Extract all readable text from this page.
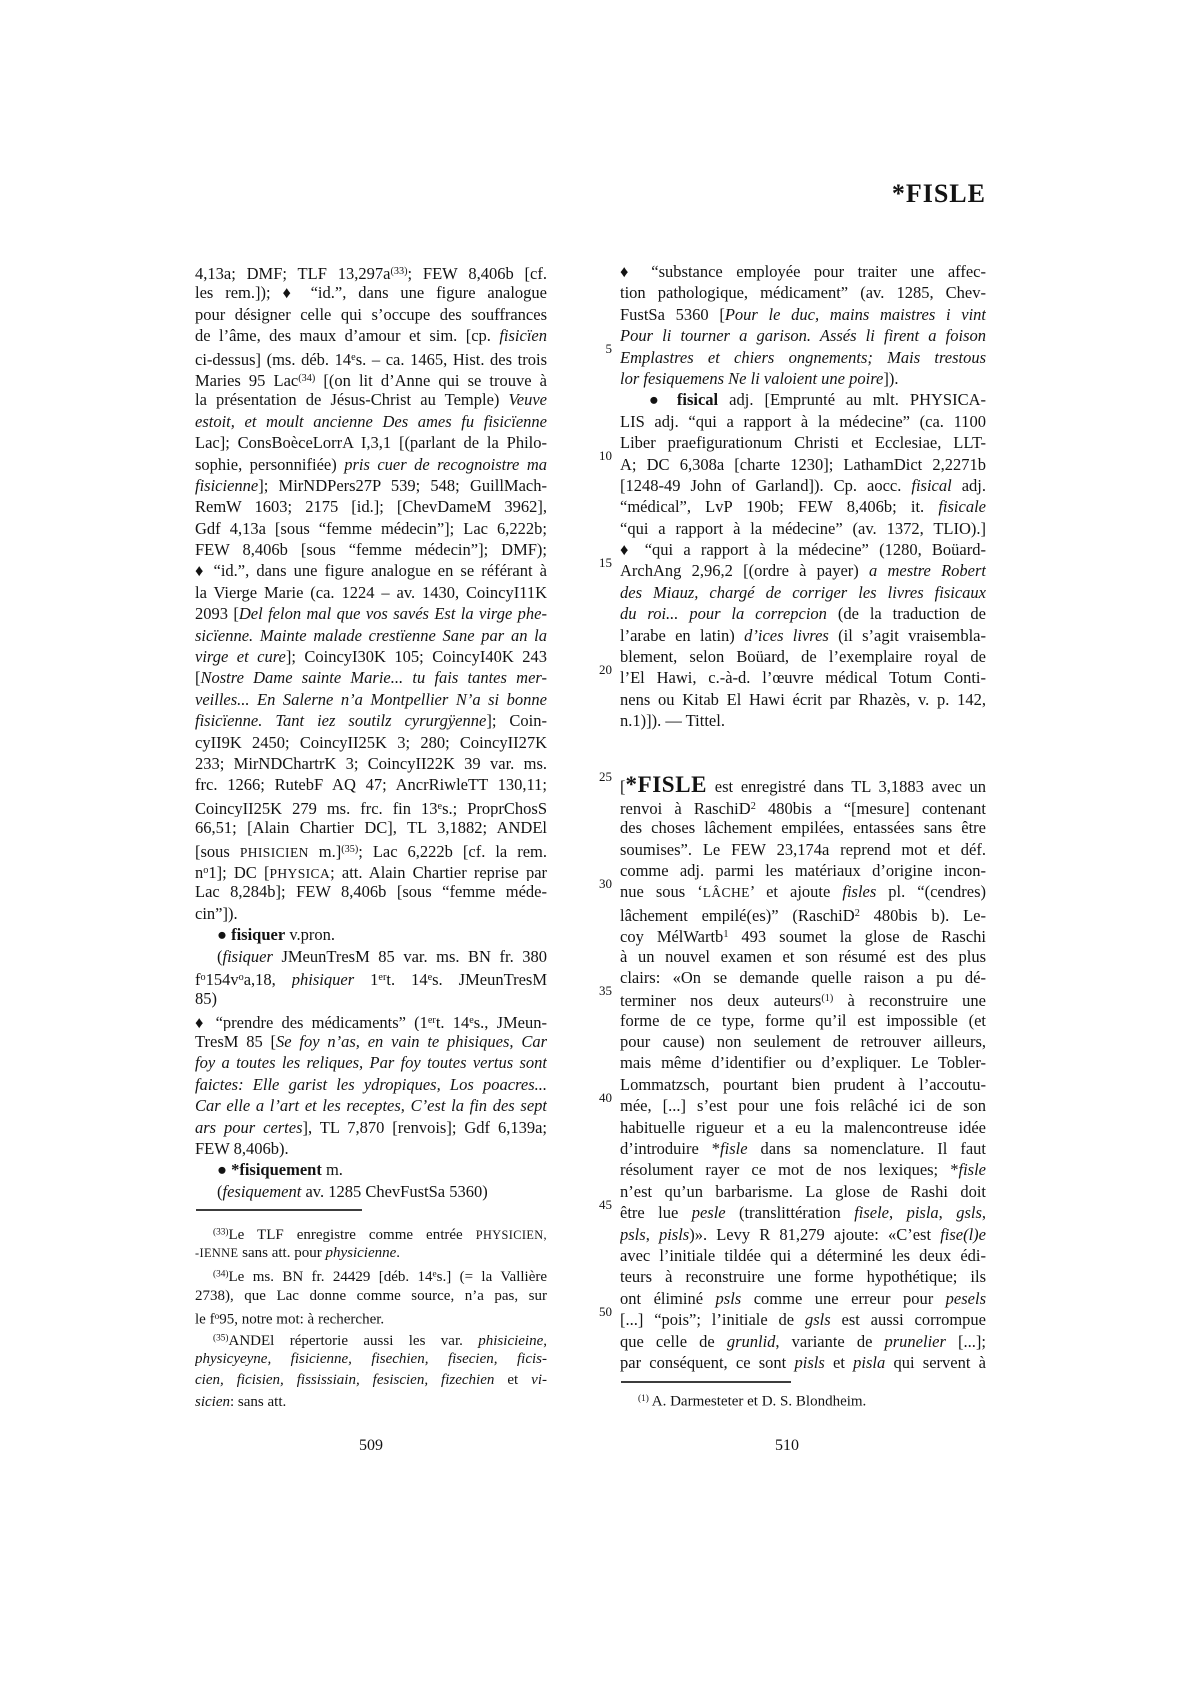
*FISLE
4,13a; DMF; TLF $13,297a^{(33)}$; FEW 8,406b [cf.
les rem.]); ♦ “id.”, dans une figure analogue
pour désigner celle qui s’occupe des souffrances
de l’âme, des maux d’amour et sim. [cp. fisicïen
ci-dessus] (ms. déb. 14es. – ca. 1465, Hist. des trois
Maries 95 Lac$^{(34)}$ [(on lit d’Anne qui se trouve à
la présentation de Jésus-Christ au Temple) Veuve
estoit, et moult ancienne Des ames fu fisicïenne
Lac]; ConsBoèceLorrA I,3,1 [(parlant de la Philo-
sophie, personnifiée) pris cuer de recognoistre ma
fisicienne]; MirNDPers27P 539; 548; GuillMach-
RemW 1603; 2175 [id.]; [ChevDameM 3962],
Gdf 4,13a [sous “femme médecin”]; Lac 6,222b;
FEW 8,406b [sous “femme médecin”]; DMF);
♦ “id.”, dans une figure analogue en se référant à
la Vierge Marie (ca. 1224 – av. 1430, CoincyI11K
2093 [Del felon mal que vos savés Est la virge phe-
sicïenne. Mainte malade crestïenne Sane par an la
virge et cure]; CoincyI30K 105; CoincyI40K 243
[Nostre Dame sainte Marie... tu fais tantes mer-
veilles... En Salerne n’a Montpellier N’a si bonne
fisicïenne. Tant iez soutilz cyrurgÿenne]; Coin-
cyII9K 2450; CoincyII25K 3; 280; CoincyII27K
233; MirNDChartrK 3; CoincyII22K 39 var. ms.
frc. 1266; RutebF AQ 47; AncrRiwleTT 130,11;
CoincyII25K 279 ms. frc. fin 13es.; ProprChosS
66,51; [Alain Chartier DC], TL 3,1882; ANDEl
[sous PHISICIEN m.]$^{(35)}$; Lac 6,222b [cf. la rem.
$n^o1$]; DC [PHYSICA; att. Alain Chartier reprise par
Lac 8,284b]; FEW 8,406b [sous “femme méde-
cin”]).
● fisiquer v.pron.
(fisiquer JMeunTresM 85 var. ms. BN fr. 380
$f^o154v^oa,18$, phisiquer 1ert. 14es. JMeunTresM
85)
♦ “prendre des médicaments” (1ert. 14es., JMeun-
TresM 85 [Se foy n’as, en vain te phisiques, Car
foy a toutes les reliques, Par foy toutes vertus sont
faictes: Elle garist les ydropiques, Los poacres...
Car elle a l’art et les receptes, C’est la fin des sept
ars pour certes], TL 7,870 [renvois]; Gdf 6,139a;
FEW 8,406b).
● *fisiquement m.
(fesiquement av. 1285 ChevFustSa 5360)
$^{(33)}$Le TLF enregistre comme entrée PHYSICIEN,
-IENNE sans att. pour physicienne.
$^{(34)}$Le ms. BN fr. 24429 [déb. 14es.] (= la Vallière
2738), que Lac donne comme source, n’a pas, sur
le $f^o95$, notre mot: à rechercher.
$^{(35)}$ANDEl répertorie aussi les var. phisicieine,
physicyeyne, fisicienne, fisechien, fisecien, ficis-
cien, ficisien, fississiain, fesiscien, fizechien et vi-
sicien: sans att.
♦ “substance employée pour traiter une affec-
tion pathologique, médicament” (av. 1285, Chev-
FustSa 5360 [Pour le duc, mains maistres i vint
Pour li tourner a garison. Assés li firent a foison
Emplastres et chiers ongnements; Mais trestous
lor fesiquemens Ne li valoient une poire]).
● fisical adj. [Emprunté au mlt. PHYSICA-
LIS adj. “qui a rapport à la médecine” (ca. 1100
Liber praefigurationum Christi et Ecclesiae, LLT-
A; DC 6,308a [charte 1230]; LathamDict 2,2271b
[1248-49 John of Garland]). Cp. aocc. fisical adj.
“médical”, LvP 190b; FEW 8,406b; it. fisicale
“qui a rapport à la médecine” (av. 1372, TLIO).]
♦ “qui a rapport à la médecine” (1280, Boüard-
ArchAng 2,96,2 [(ordre à payer) a mestre Robert
des Miauz, chargé de corriger les livres fisicaux
du roi... pour la correpcion (de la traduction de
l’arabe en latin) d’ices livres (il s’agit vraisembla-
blement, selon Boüard, de l’exemplaire royal de
l’El Hawi, c.-à-d. l’œuvre médical Totum Conti-
nens ou Kitab El Hawi écrit par Rhazès, v. p. 142,
n.1)]). — Tittel.
[*FISLE est enregistré dans TL 3,1883 avec un
renvoi à RaschiD$^2$ 480bis a “[mesure] contenant
des choses lâchement empilées, entassées sans être
soumises”. Le FEW 23,174a reprend mot et déf.
comme adj. parmi les matériaux d’origine incon-
nue sous ‘LÂCHE’ et ajoute fisles pl. “(cendres)
lâchement empilé(es)” (RaschiD$^2$ 480bis b). Le-
coy MélWartb$^1$ 493 soumet la glose de Raschi
à un nouvel examen et son résumé est des plus
clairs: «On se demande quelle raison a pu dé-
terminer nos deux auteurs$^{(1)}$ à reconstruire une
forme de ce type, forme qu’il est impossible (et
pour cause) non seulement de retrouver ailleurs,
mais même d’identifier ou d’expliquer. Le Tobler-
Lommatzsch, pourtant bien prudent à l’accoutu-
mée, [...] s’est pour une fois relâché ici de son
habituelle rigueur et a eu la malencontreuse idée
d’introduire *fisle dans sa nomenclature. Il faut
résolument rayer ce mot de nos lexiques; *fisle
n’est qu’un barbarisme. La glose de Rashi doit
être lue pesle (translittération fisele, pisla, gsls,
psls, pisls)». Levy R 81,279 ajoute: «C’est fise(l)e
avec l’initiale tildée qui a déterminé les deux édi-
teurs à reconstruire une forme hypothétique; ils
ont éliminé psls comme une erreur pour pesels
[...] “pois”; l’initiale de gsls est aussi corrompue
que celle de grunlid, variante de prunelier [...];
par conséquent, ce sont pisls et pisla qui servent à
$^{(1)}$ A. Darmesteter et D. S. Blondheim.
5
10
15
20
25
30
35
40
45
50
509	510
